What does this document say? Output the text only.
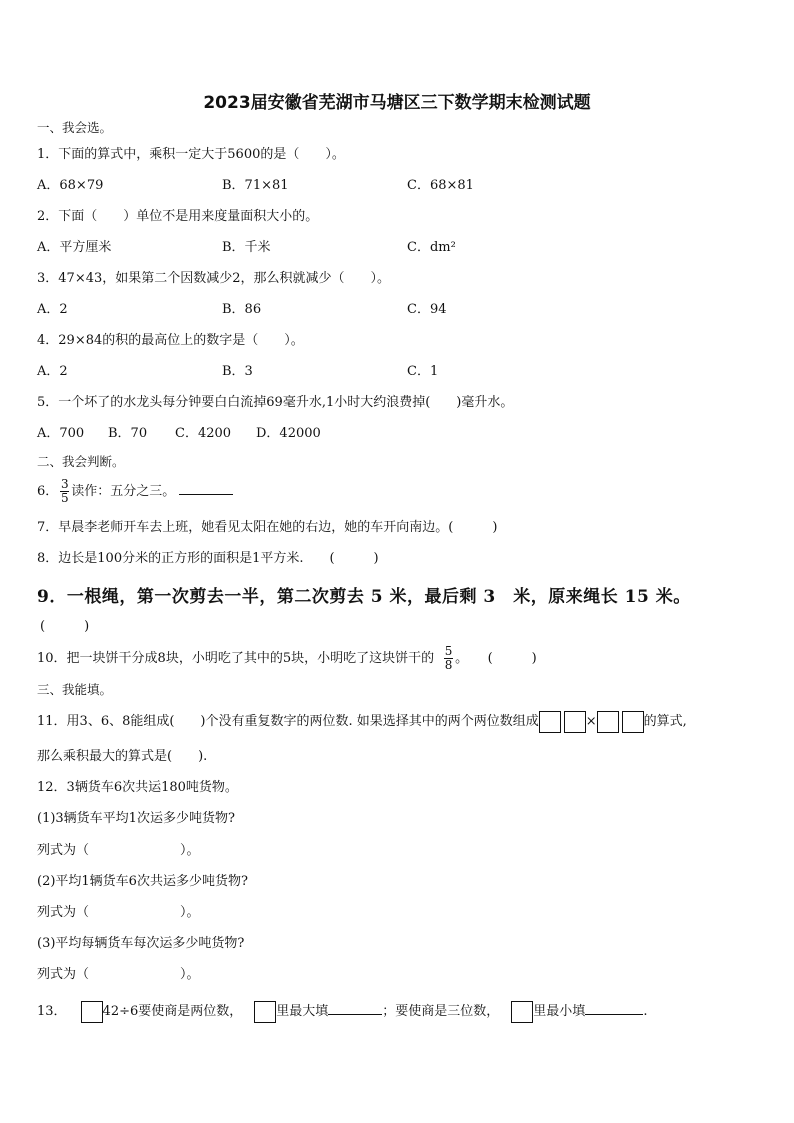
2023届安徽省芜湖市马塘区三下数学期末检测试题
一、我会选。
1．下面的算式中，乘积一定大于5600的是（　　）。
A．68×79	B．71×81	C．68×81
2．下面（　　）单位不是用来度量面积大小的。
A．平方厘米	B．千米	C．dm²
3．47×43，如果第二个因数减少2，那么积就减少（　　）。
A．2	B．86	C．94
4．29×84的积的最高位上的数字是（　　）。
A．2	B．3	C．1
5．一个坏了的水龙头每分钟要白白流掉69毫升水,1小时大约浪费掉(　　)毫升水。
A．700 B．70 C．4200 D．42000
二、我会判断。
6． $\frac{3}{5}$ 读作：五分之三。
7．早晨李老师开车去上班，她看见太阳在她的右边，她的车开向南边。(　　　)
8．边长是100分米的正方形的面积是1平方米.　　(　　　)
9．一根绳，第一次剪去一半，第二次剪去 5 米，最后剩 3　米，原来绳长 15 米。
(　　　)
10．把一块饼干分成8块，小明吃了其中的5块，小明吃了这块饼干的 $\frac{5}{8}$ 。　　(　　　)
三、我能填。
11．用3、6、8能组成(　　)个没有重复数字的两位数. 如果选择其中的两个两位数组成	×	的算式,
那么乘积最大的算式是(　　).
12．3辆货车6次共运180吨货物。
(1)3辆货车平均1次运多少吨货物?
列式为（　　　　　　　）。
(2)平均1辆货车6次共运多少吨货物?
列式为（　　　　　　　）。
(3)平均每辆货车每次运多少吨货物?
列式为（　　　　　　　）。
13．	42÷6要使商是两位数，	里最大填	；要使商是三位数，	里最小填	.
